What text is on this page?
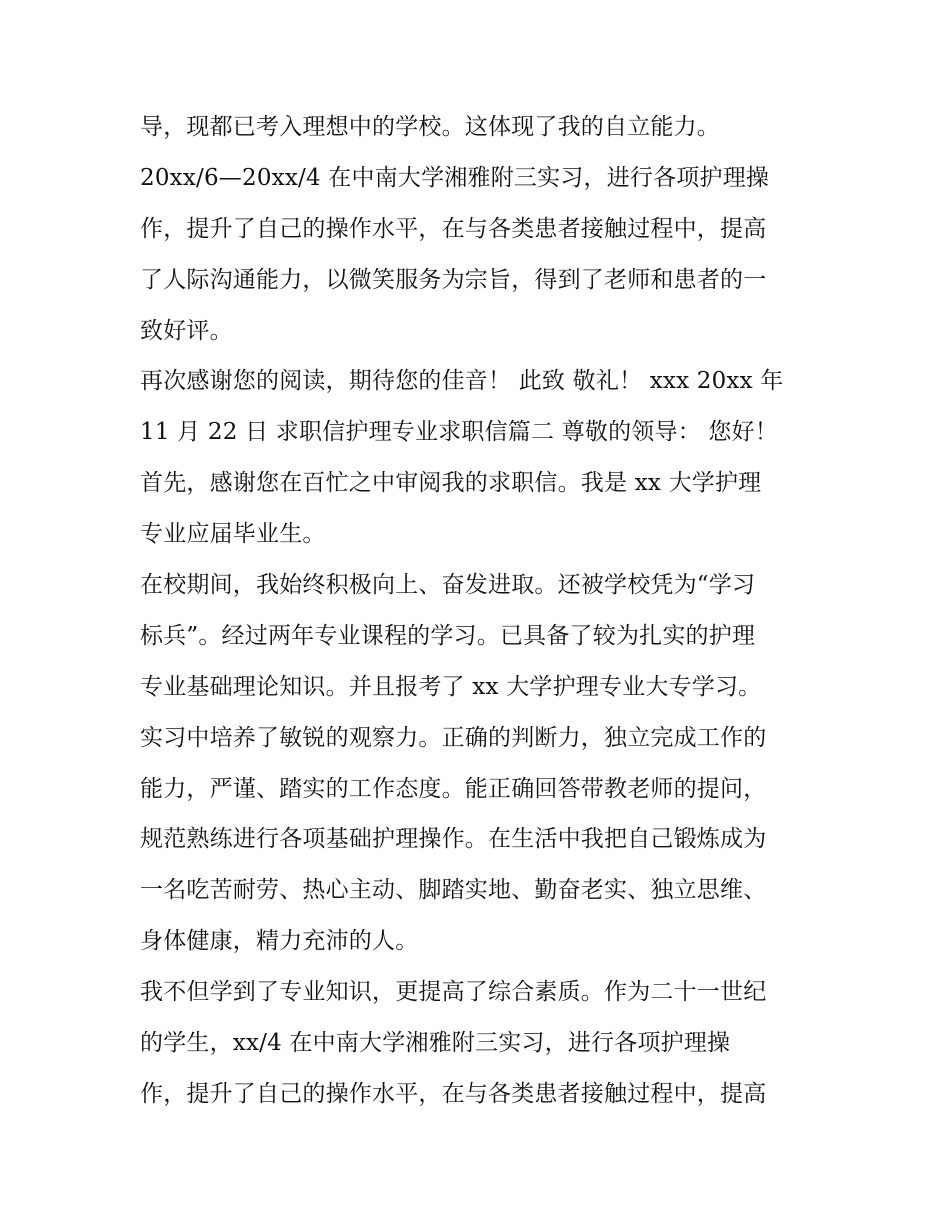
导，现都已考入理想中的学校。这体现了我的自立能力。
20xx/6—20xx/4 在中南大学湘雅附三实习，进行各项护理操
作，提升了自己的操作水平，在与各类患者接触过程中，提高
了人际沟通能力，以微笑服务为宗旨，得到了老师和患者的一
致好评。
再次感谢您的阅读，期待您的佳音！ 此致 敬礼！ xxx 20xx 年
11 月 22 日 求职信护理专业求职信篇二 尊敬的领导： 您好！
首先，感谢您在百忙之中审阅我的求职信。我是 xx 大学护理
专业应届毕业生。
在校期间，我始终积极向上、奋发进取。还被学校凭为“学习
标兵”。经过两年专业课程的学习。已具备了较为扎实的护理
专业基础理论知识。并且报考了 xx 大学护理专业大专学习。
实习中培养了敏锐的观察力。正确的判断力，独立完成工作的
能力，严谨、踏实的工作态度。能正确回答带教老师的提问，
规范熟练进行各项基础护理操作。在生活中我把自己锻炼成为
一名吃苦耐劳、热心主动、脚踏实地、勤奋老实、独立思维、
身体健康，精力充沛的人。
我不但学到了专业知识，更提高了综合素质。作为二十一世纪
的学生，xx/4 在中南大学湘雅附三实习，进行各项护理操
作，提升了自己的操作水平，在与各类患者接触过程中，提高
